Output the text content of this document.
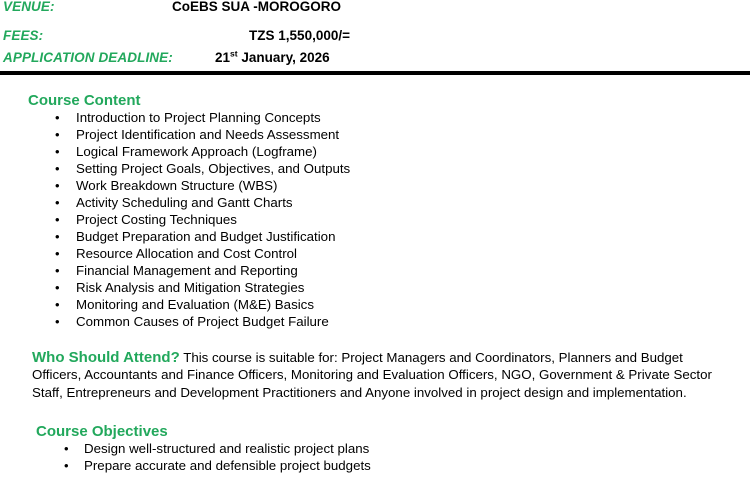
VENUE:	CoEBS SUA -MOROGORO
FEES:	TZS 1,550,000/=
APPLICATION DEADLINE:	21st January, 2026
Course Content
• Introduction to Project Planning Concepts
• Project Identification and Needs Assessment
• Logical Framework Approach (Logframe)
• Setting Project Goals, Objectives, and Outputs
• Work Breakdown Structure (WBS)
• Activity Scheduling and Gantt Charts
• Project Costing Techniques
• Budget Preparation and Budget Justification
• Resource Allocation and Cost Control
• Financial Management and Reporting
• Risk Analysis and Mitigation Strategies
• Monitoring and Evaluation (M&E) Basics
• Common Causes of Project Budget Failure
Who Should Attend? This course is suitable for: Project Managers and Coordinators, Planners and Budget Officers, Accountants and Finance Officers, Monitoring and Evaluation Officers, NGO, Government & Private Sector Staff, Entrepreneurs and Development Practitioners and Anyone involved in project design and implementation.
Course Objectives
• Design well-structured and realistic project plans
• Prepare accurate and defensible project budgets
